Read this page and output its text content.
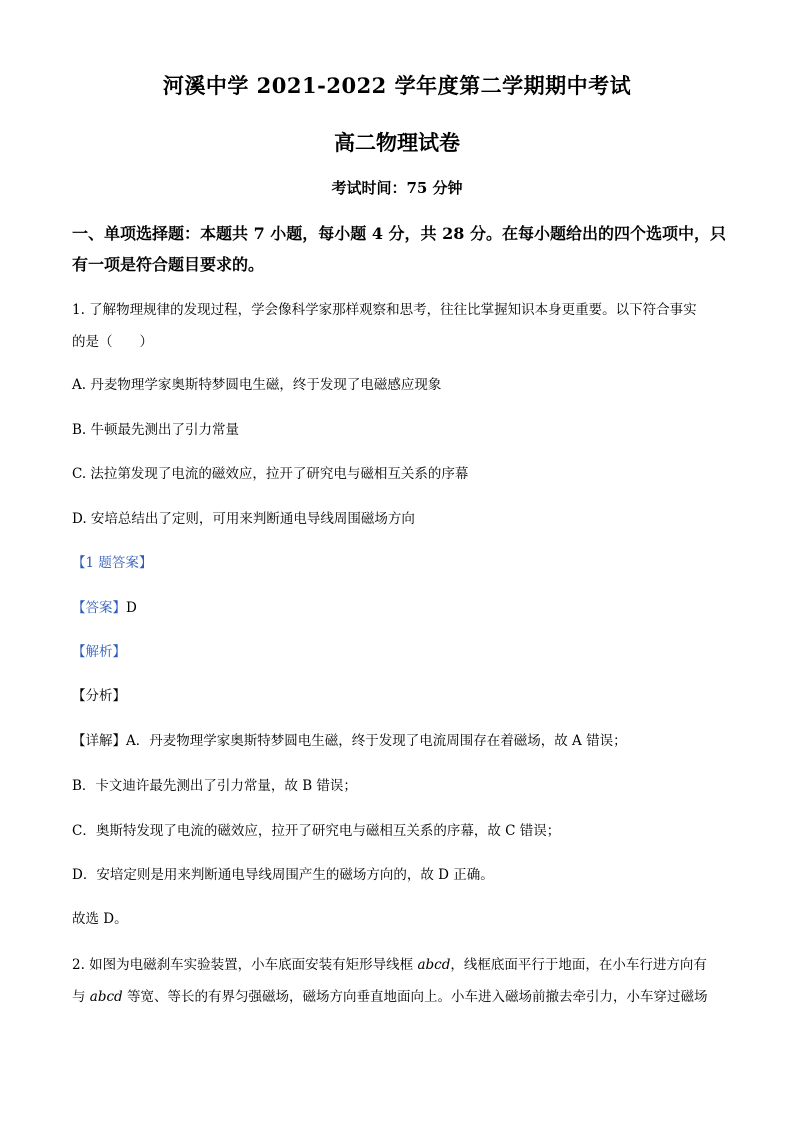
河溪中学 2021-2022 学年度第二学期期中考试
高二物理试卷
考试时间：75 分钟
一、单项选择题：本题共 7 小题，每小题 4 分，共 28 分。在每小题给出的四个选项中，只有一项是符合题目要求的。
1. 了解物理规律的发现过程，学会像科学家那样观察和思考，往往比掌握知识本身更重要。以下符合事实
的是（　　）
A. 丹麦物理学家奥斯特梦圆电生磁，终于发现了电磁感应现象
B. 牛顿最先测出了引力常量
C. 法拉第发现了电流的磁效应，拉开了研究电与磁相互关系的序幕
D. 安培总结出了定则，可用来判断通电导线周围磁场方向
【1 题答案】
【答案】D
【解析】
【分析】
【详解】A．丹麦物理学家奥斯特梦圆电生磁，终于发现了电流周围存在着磁场，故 A 错误；
B．卡文迪许最先测出了引力常量，故 B 错误；
C．奥斯特发现了电流的磁效应，拉开了研究电与磁相互关系的序幕，故 C 错误；
D．安培定则是用来判断通电导线周围产生的磁场方向的，故 D 正确。
故选 D。
2. 如图为电磁刹车实验装置，小车底面安装有矩形导线框 abcd，线框底面平行于地面，在小车行进方向有
与 abcd 等宽、等长的有界匀强磁场，磁场方向垂直地面向上。小车进入磁场前撤去牵引力，小车穿过磁场
